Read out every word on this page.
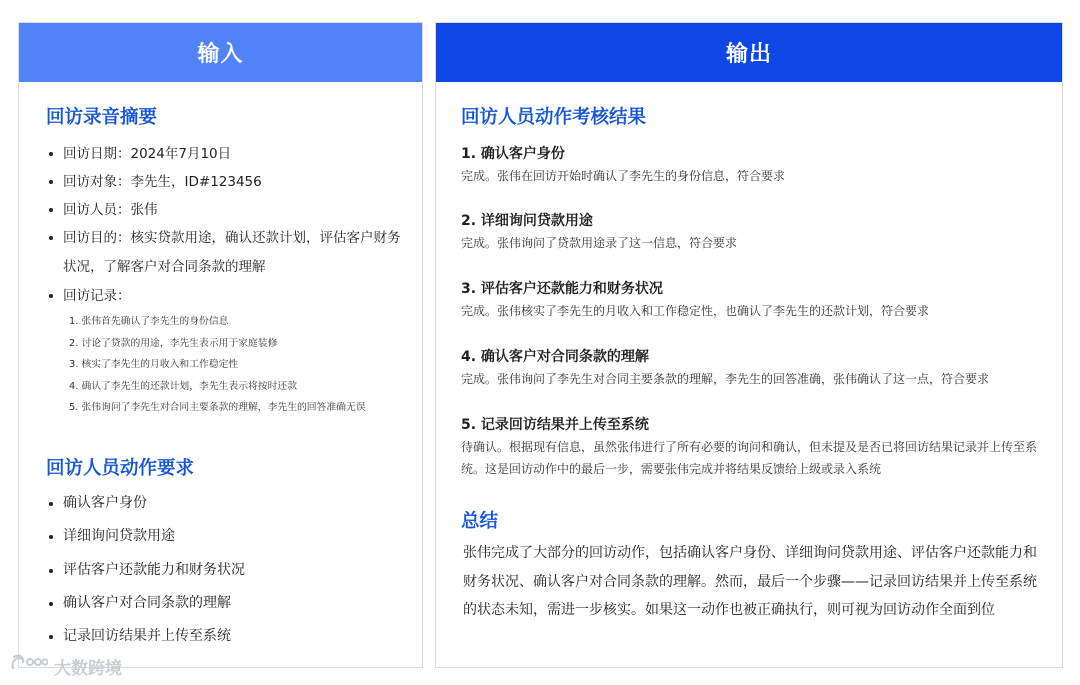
输入
回访录音摘要
回访日期：2024年7月10日
回访对象：李先生，ID#123456
回访人员：张伟
回访目的：核实贷款用途，确认还款计划，评估客户财务状况，了解客户对合同条款的理解
回访记录：
1. 张伟首先确认了李先生的身份信息
2. 讨论了贷款的用途，李先生表示用于家庭装修
3. 核实了李先生的月收入和工作稳定性
4. 确认了李先生的还款计划，李先生表示将按时还款
5. 张伟询问了李先生对合同主要条款的理解，李先生的回答准确无误
回访人员动作要求
确认客户身份
详细询问贷款用途
评估客户还款能力和财务状况
确认客户对合同条款的理解
记录回访结果并上传至系统
输出
回访人员动作考核结果
1. 确认客户身份
完成。张伟在回访开始时确认了李先生的身份信息，符合要求
2. 详细询问贷款用途
完成。张伟询问了贷款用途录了这一信息，符合要求
3. 评估客户还款能力和财务状况
完成。张伟核实了李先生的月收入和工作稳定性，也确认了李先生的还款计划，符合要求
4. 确认客户对合同条款的理解
完成。张伟询问了李先生对合同主要条款的理解，李先生的回答准确，张伟确认了这一点，符合要求
5. 记录回访结果并上传至系统
待确认。根据现有信息，虽然张伟进行了所有必要的询问和确认，但未提及是否已将回访结果记录并上传至系统。这是回访动作中的最后一步，需要张伟完成并将结果反馈给上级或录入系统
总结
张伟完成了大部分的回访动作，包括确认客户身份、详细询问贷款用途、评估客户还款能力和财务状况、确认客户对合同条款的理解。然而，最后一个步骤——记录回访结果并上传至系统的状态未知，需进一步核实。如果这一动作也被正确执行，则可视为回访动作全面到位
大数跨境
